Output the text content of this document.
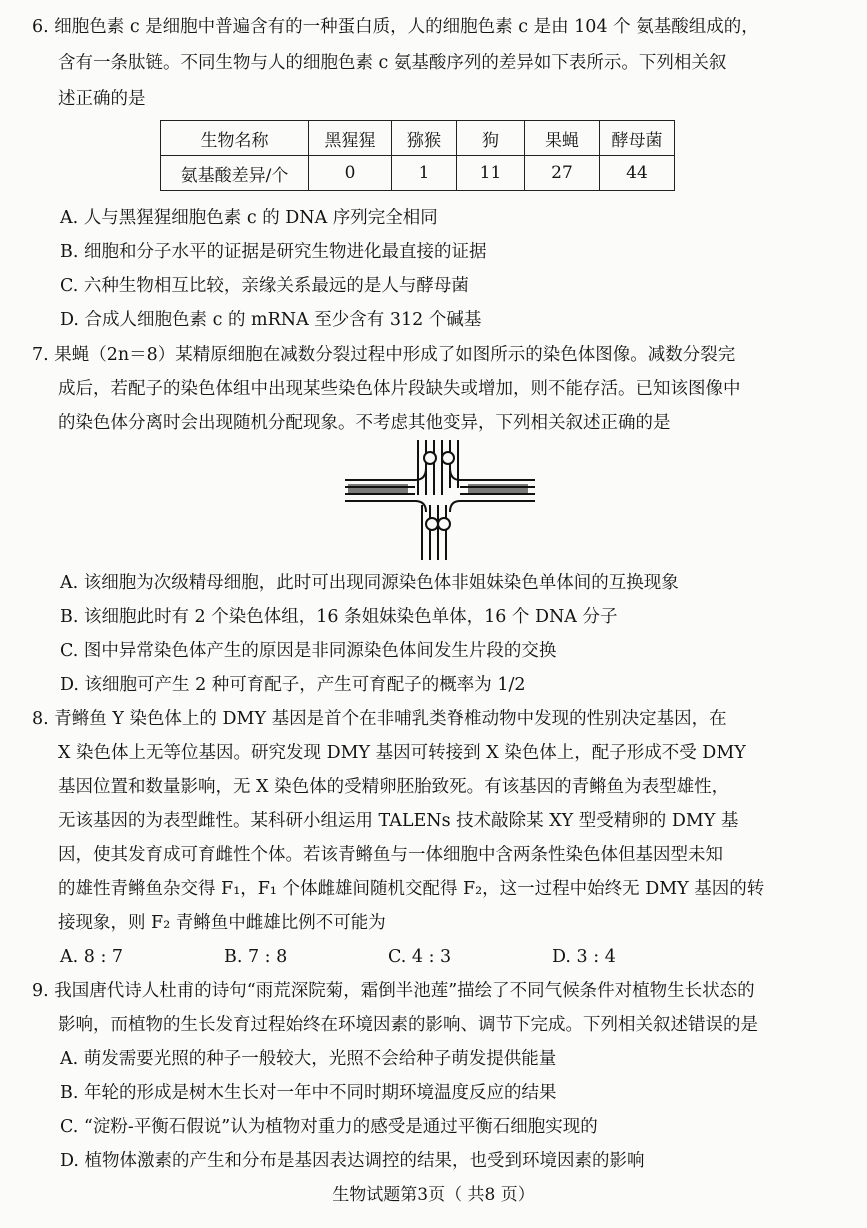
6. 细胞色素 c 是细胞中普遍含有的一种蛋白质，人的细胞色素 c 是由 104 个 氨基酸组成的，
含有一条肽链。不同生物与人的细胞色素 c 氨基酸序列的差异如下表所示。下列相关叙
述正确的是
生物名称	黑猩猩	猕猴	狗	果蝇	酵母菌
氨基酸差异/个	0	1	11	27	44
A. 人与黑猩猩细胞色素 c 的 DNA 序列完全相同
B. 细胞和分子水平的证据是研究生物进化最直接的证据
C. 六种生物相互比较，亲缘关系最远的是人与酵母菌
D. 合成人细胞色素 c 的 mRNA 至少含有 312 个碱基
7. 果蝇（2n＝8）某精原细胞在减数分裂过程中形成了如图所示的染色体图像。减数分裂完
成后，若配子的染色体组中出现某些染色体片段缺失或增加，则不能存活。已知该图像中
的染色体分离时会出现随机分配现象。不考虑其他变异，下列相关叙述正确的是
A. 该细胞为次级精母细胞，此时可出现同源染色体非姐妹染色单体间的互换现象
B. 该细胞此时有 2 个染色体组，16 条姐妹染色单体，16 个 DNA 分子
C. 图中异常染色体产生的原因是非同源染色体间发生片段的交换
D. 该细胞可产生 2 种可育配子，产生可育配子的概率为 1/2
8. 青鳉鱼 Y 染色体上的 DMY 基因是首个在非哺乳类脊椎动物中发现的性别决定基因，在
X 染色体上无等位基因。研究发现 DMY 基因可转接到 X 染色体上，配子形成不受 DMY
基因位置和数量影响，无 X 染色体的受精卵胚胎致死。有该基因的青鳉鱼为表型雄性，
无该基因的为表型雌性。某科研小组运用 TALENs 技术敲除某 XY 型受精卵的 DMY 基
因，使其发育成可育雌性个体。若该青鳉鱼与一体细胞中含两条性染色体但基因型未知
的雄性青鳉鱼杂交得 F₁，F₁ 个体雌雄间随机交配得 F₂，这一过程中始终无 DMY 基因的转
接现象，则 F₂ 青鳉鱼中雌雄比例不可能为
A. 8 : 7	B. 7 : 8	C. 4 : 3	D. 3 : 4
9. 我国唐代诗人杜甫的诗句“雨荒深院菊，霜倒半池莲”描绘了不同气候条件对植物生长状态的
影响，而植物的生长发育过程始终在环境因素的影响、调节下完成。下列相关叙述错误的是
A. 萌发需要光照的种子一般较大，光照不会给种子萌发提供能量
B. 年轮的形成是树木生长对一年中不同时期环境温度反应的结果
C. “淀粉-平衡石假说”认为植物对重力的感受是通过平衡石细胞实现的
D. 植物体激素的产生和分布是基因表达调控的结果，也受到环境因素的影响
生物试题第3页（ 共8 页）
